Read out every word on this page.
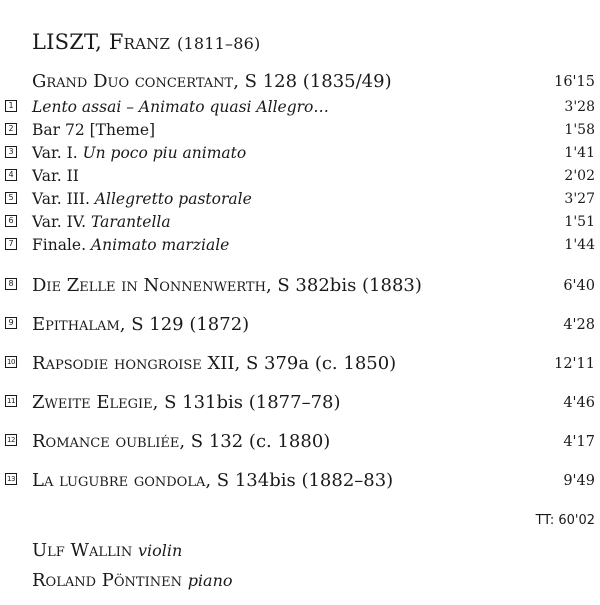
LISZT, Franz (1811–86)
Grand Duo concertant, S 128 (1835/49)	16'15
1 Lento assai – Animato quasi Allegro…	3'28
2 Bar 72 [Theme]	1'58
3 Var. I. Un poco piu animato	1'41
4 Var. II	2'02
5 Var. III. Allegretto pastorale	3'27
6 Var. IV. Tarantella	1'51
7 Finale. Animato marziale	1'44
8 Die Zelle in Nonnenwerth, S 382bis (1883)	6'40
9 Epithalam, S 129 (1872)	4'28
10 Rapsodie hongroise XII, S 379a (c. 1850)	12'11
11 Zweite Elegie, S 131bis (1877–78)	4'46
12 Romance oubliée, S 132 (c. 1880)	4'17
13 La lugubre gondola, S 134bis (1882–83)	9'49
TT: 60'02
Ulf Wallin violin
Roland Pöntinen piano
